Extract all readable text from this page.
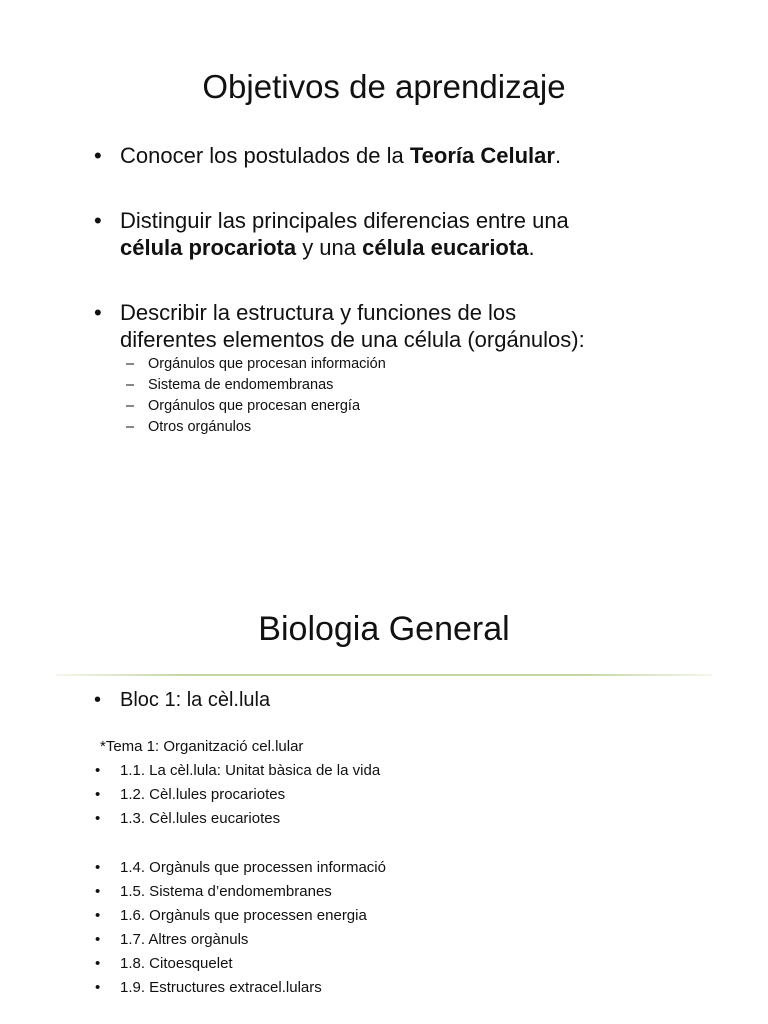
Objetivos de aprendizaje
• Conocer los postulados de la Teoría Celular.
• Distinguir las principales diferencias entre una
célula procariota y una célula eucariota.
• Describir la estructura y funciones de los
diferentes elementos de una célula (orgánulos):
– Orgánulos que procesan información
– Sistema de endomembranas
– Orgánulos que procesan energía
– Otros orgánulos
Biologia General
• Bloc 1: la cèl.lula
*Tema 1: Organització cel.lular
• 1.1. La cèl.lula: Unitat bàsica de la vida
• 1.2. Cèl.lules procariotes
• 1.3. Cèl.lules eucariotes
• 1.4. Orgànuls que processen informació
• 1.5. Sistema d’endomembranes
• 1.6. Orgànuls que processen energia
• 1.7. Altres orgànuls
• 1.8. Citoesquelet
• 1.9. Estructures extracel.lulars
